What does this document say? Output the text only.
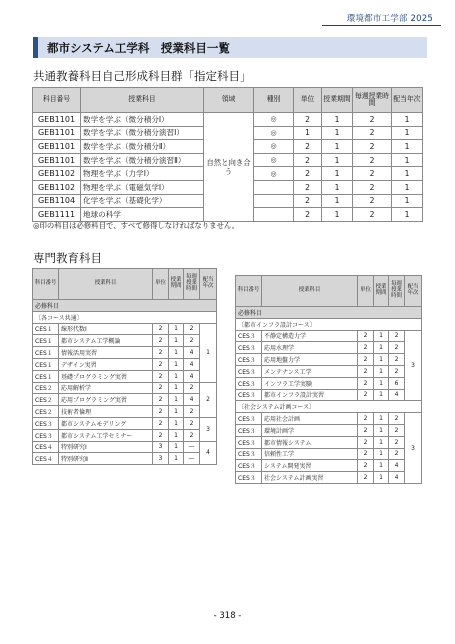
環境都市工学部 2025
都市システム工学科　授業科目一覧
共通教養科目自己形成科目群「指定科目」
科目番号	授業科目	領域	種別	単位	授業期間	毎週授業時間	配当年次
GEB1101	数学を学ぶ（微分積分Ⅰ）	自然と向き合う	◎	2	1	2	1
GEB1101	数学を学ぶ（微分積分演習Ⅰ）		◎	1	1	2	1
GEB1101	数学を学ぶ（微分積分Ⅱ）		◎	2	1	2	1
GEB1101	数学を学ぶ（微分積分演習Ⅱ）		◎	2	1	2	1
GEB1102	物理を学ぶ（力学Ⅰ）		◎	2	1	2	1
GEB1102	物理を学ぶ（電磁気学Ⅰ）			2	1	2	1
GEB1104	化学を学ぶ（基礎化学）			2	1	2	1
GEB1111	地球の科学			2	1	2	1
◎印の科目は必修科目で、すべて修得しなければなりません。
専門教育科目
科目番号	授業科目	単位	授業期間	毎週授業時間	配当年次
必修科目					
〔各コース共通〕					
CES１	線形代数Ⅰ	2	1	2	1
CES１	都市システム工学概論	2	1	2	
CES１	情報活用実習	2	1	4	
CES１	デザイン実習	2	1	4	
CES１	基礎プログラミング実習	2	1	4	
CES２	応用解析学	2	1	2	2
CES２	応用プログラミング実習	2	1	4	
CES２	技術者倫理	2	1	2	
CES３	都市システムモデリング	2	1	2	3
CES３	都市システム工学セミナー	2	1	2	
CES４	特別研究Ⅰ	3	1	—	4
CES４	特別研究Ⅱ	3	1	—	
科目番号	授業科目	単位	授業期間	毎週授業時間	配当年次
必修科目					
〔都市インフラ設計コース〕					
CES３	不静定構造力学	2	1	2	3
CES３	応用水理学	2	1	2	
CES３	応用地盤力学	2	1	2	
CES３	メンテナンス工学	2	1	2	
CES３	インフラ工学実験	2	1	6	
CES３	都市インフラ設計実習	2	1	4	
〔社会システム計画コース〕					
CES３	応用社会計画	2	1	2	3
CES３	環境計画学	2	1	2	
CES３	都市情報システム	2	1	2	
CES３	信頼性工学	2	1	2	
CES３	システム開発実習	2	1	4	
CES３	社会システム計画実習	2	1	4	
- 318 -
